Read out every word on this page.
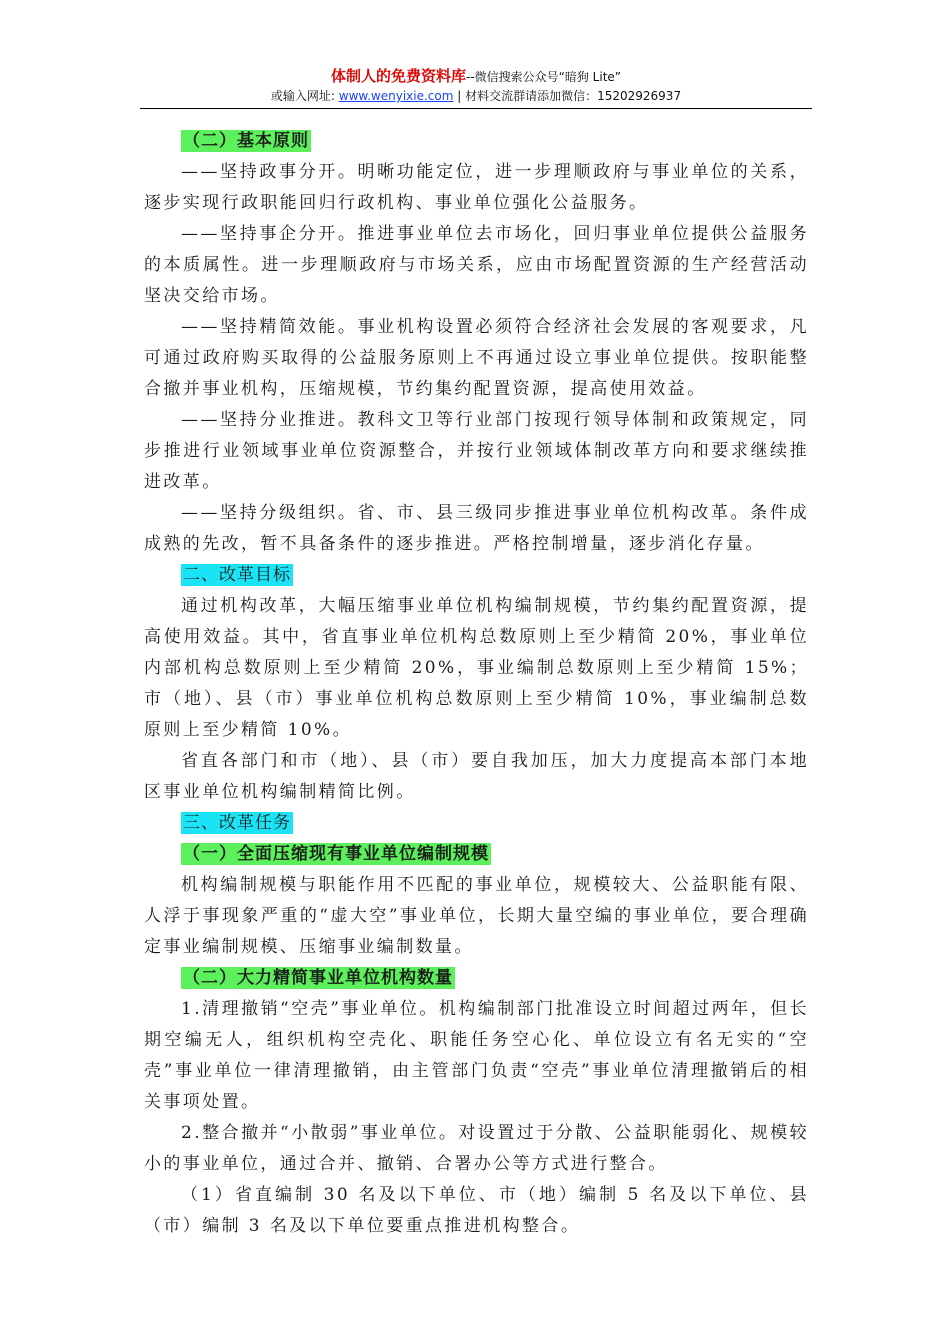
体制人的免费资料库--微信搜索公众号“暗狗 Lite”
或输入网址: www.wenyixie.com | 材料交流群请添加微信：15202926937

（二）基本原则

——坚持政事分开。明晰功能定位，进一步理顺政府与事业单位的关系，逐步实现行政职能回归行政机构、事业单位强化公益服务。

——坚持事企分开。推进事业单位去市场化，回归事业单位提供公益服务的本质属性。进一步理顺政府与市场关系，应由市场配置资源的生产经营活动坚决交给市场。

——坚持精简效能。事业机构设置必须符合经济社会发展的客观要求，凡可通过政府购买取得的公益服务原则上不再通过设立事业单位提供。按职能整合撤并事业机构，压缩规模，节约集约配置资源，提高使用效益。

——坚持分业推进。教科文卫等行业部门按现行领导体制和政策规定，同步推进行业领域事业单位资源整合，并按行业领域体制改革方向和要求继续推进改革。

——坚持分级组织。省、市、县三级同步推进事业单位机构改革。条件成成熟的先改，暂不具备条件的逐步推进。严格控制增量，逐步消化存量。

二、改革目标

通过机构改革，大幅压缩事业单位机构编制规模，节约集约配置资源，提高使用效益。其中，省直事业单位机构总数原则上至少精简 20%，事业单位内部机构总数原则上至少精简 20%，事业编制总数原则上至少精简 15%；市（地）、县（市）事业单位机构总数原则上至少精简 10%，事业编制总数原则上至少精简 10%。

省直各部门和市（地）、县（市）要自我加压，加大力度提高本部门本地区事业单位机构编制精简比例。

三、改革任务

（一）全面压缩现有事业单位编制规模

机构编制规模与职能作用不匹配的事业单位，规模较大、公益职能有限、人浮于事现象严重的“虚大空”事业单位，长期大量空编的事业单位，要合理确定事业编制规模、压缩事业编制数量。

（二）大力精简事业单位机构数量

1.清理撤销“空壳”事业单位。机构编制部门批准设立时间超过两年，但长期空编无人，组织机构空壳化、职能任务空心化、单位设立有名无实的“空壳”事业单位一律清理撤销，由主管部门负责“空壳”事业单位清理撤销后的相关事项处置。

2.整合撤并“小散弱”事业单位。对设置过于分散、公益职能弱化、规模较小的事业单位，通过合并、撤销、合署办公等方式进行整合。

（1）省直编制 30 名及以下单位、市（地）编制 5 名及以下单位、县（市）编制 3 名及以下单位要重点推进机构整合。
